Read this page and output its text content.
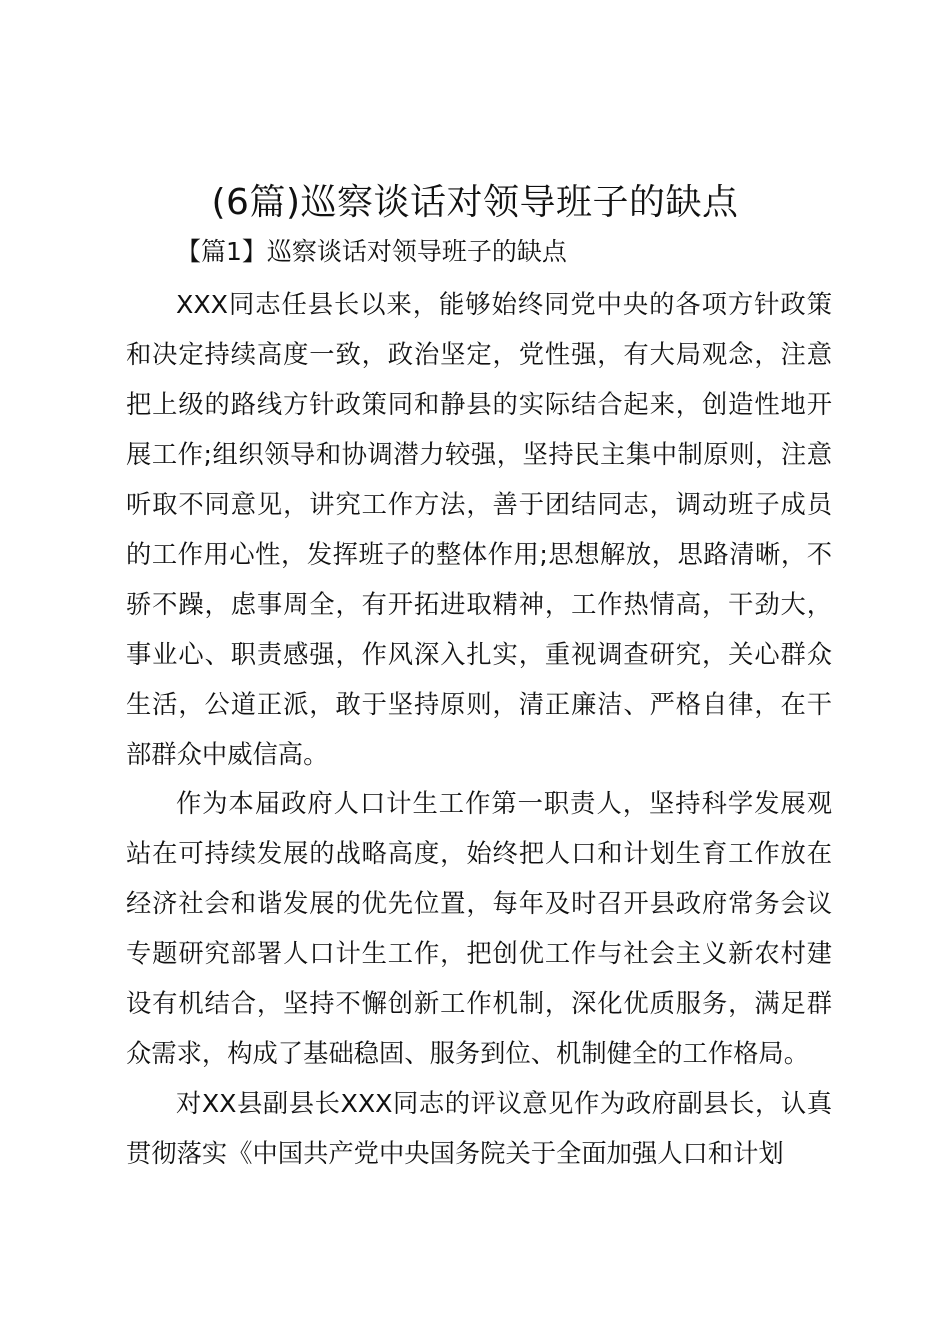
(6篇)巡察谈话对领导班子的缺点
【篇1】巡察谈话对领导班子的缺点

XXX同志任县长以来，能够始终同党中央的各项方针政策和决定持续高度一致，政治坚定，党性强，有大局观念，注意把上级的路线方针政策同和静县的实际结合起来，创造性地开展工作;组织领导和协调潜力较强，坚持民主集中制原则，注意听取不同意见，讲究工作方法，善于团结同志，调动班子成员的工作用心性，发挥班子的整体作用;思想解放，思路清晰，不骄不躁，虑事周全，有开拓进取精神，工作热情高，干劲大，事业心、职责感强，作风深入扎实，重视调查研究，关心群众生活，公道正派，敢于坚持原则，清正廉洁、严格自律，在干部群众中威信高。

作为本届政府人口计生工作第一职责人，坚持科学发展观站在可持续发展的战略高度，始终把人口和计划生育工作放在经济社会和谐发展的优先位置，每年及时召开县政府常务会议专题研究部署人口计生工作，把创优工作与社会主义新农村建设有机结合，坚持不懈创新工作机制，深化优质服务，满足群众需求，构成了基础稳固、服务到位、机制健全的工作格局。

对XX县副县长XXX同志的评议意见作为政府副县长，认真贯彻落实《中国共产党中央国务院关于全面加强人口和计划
